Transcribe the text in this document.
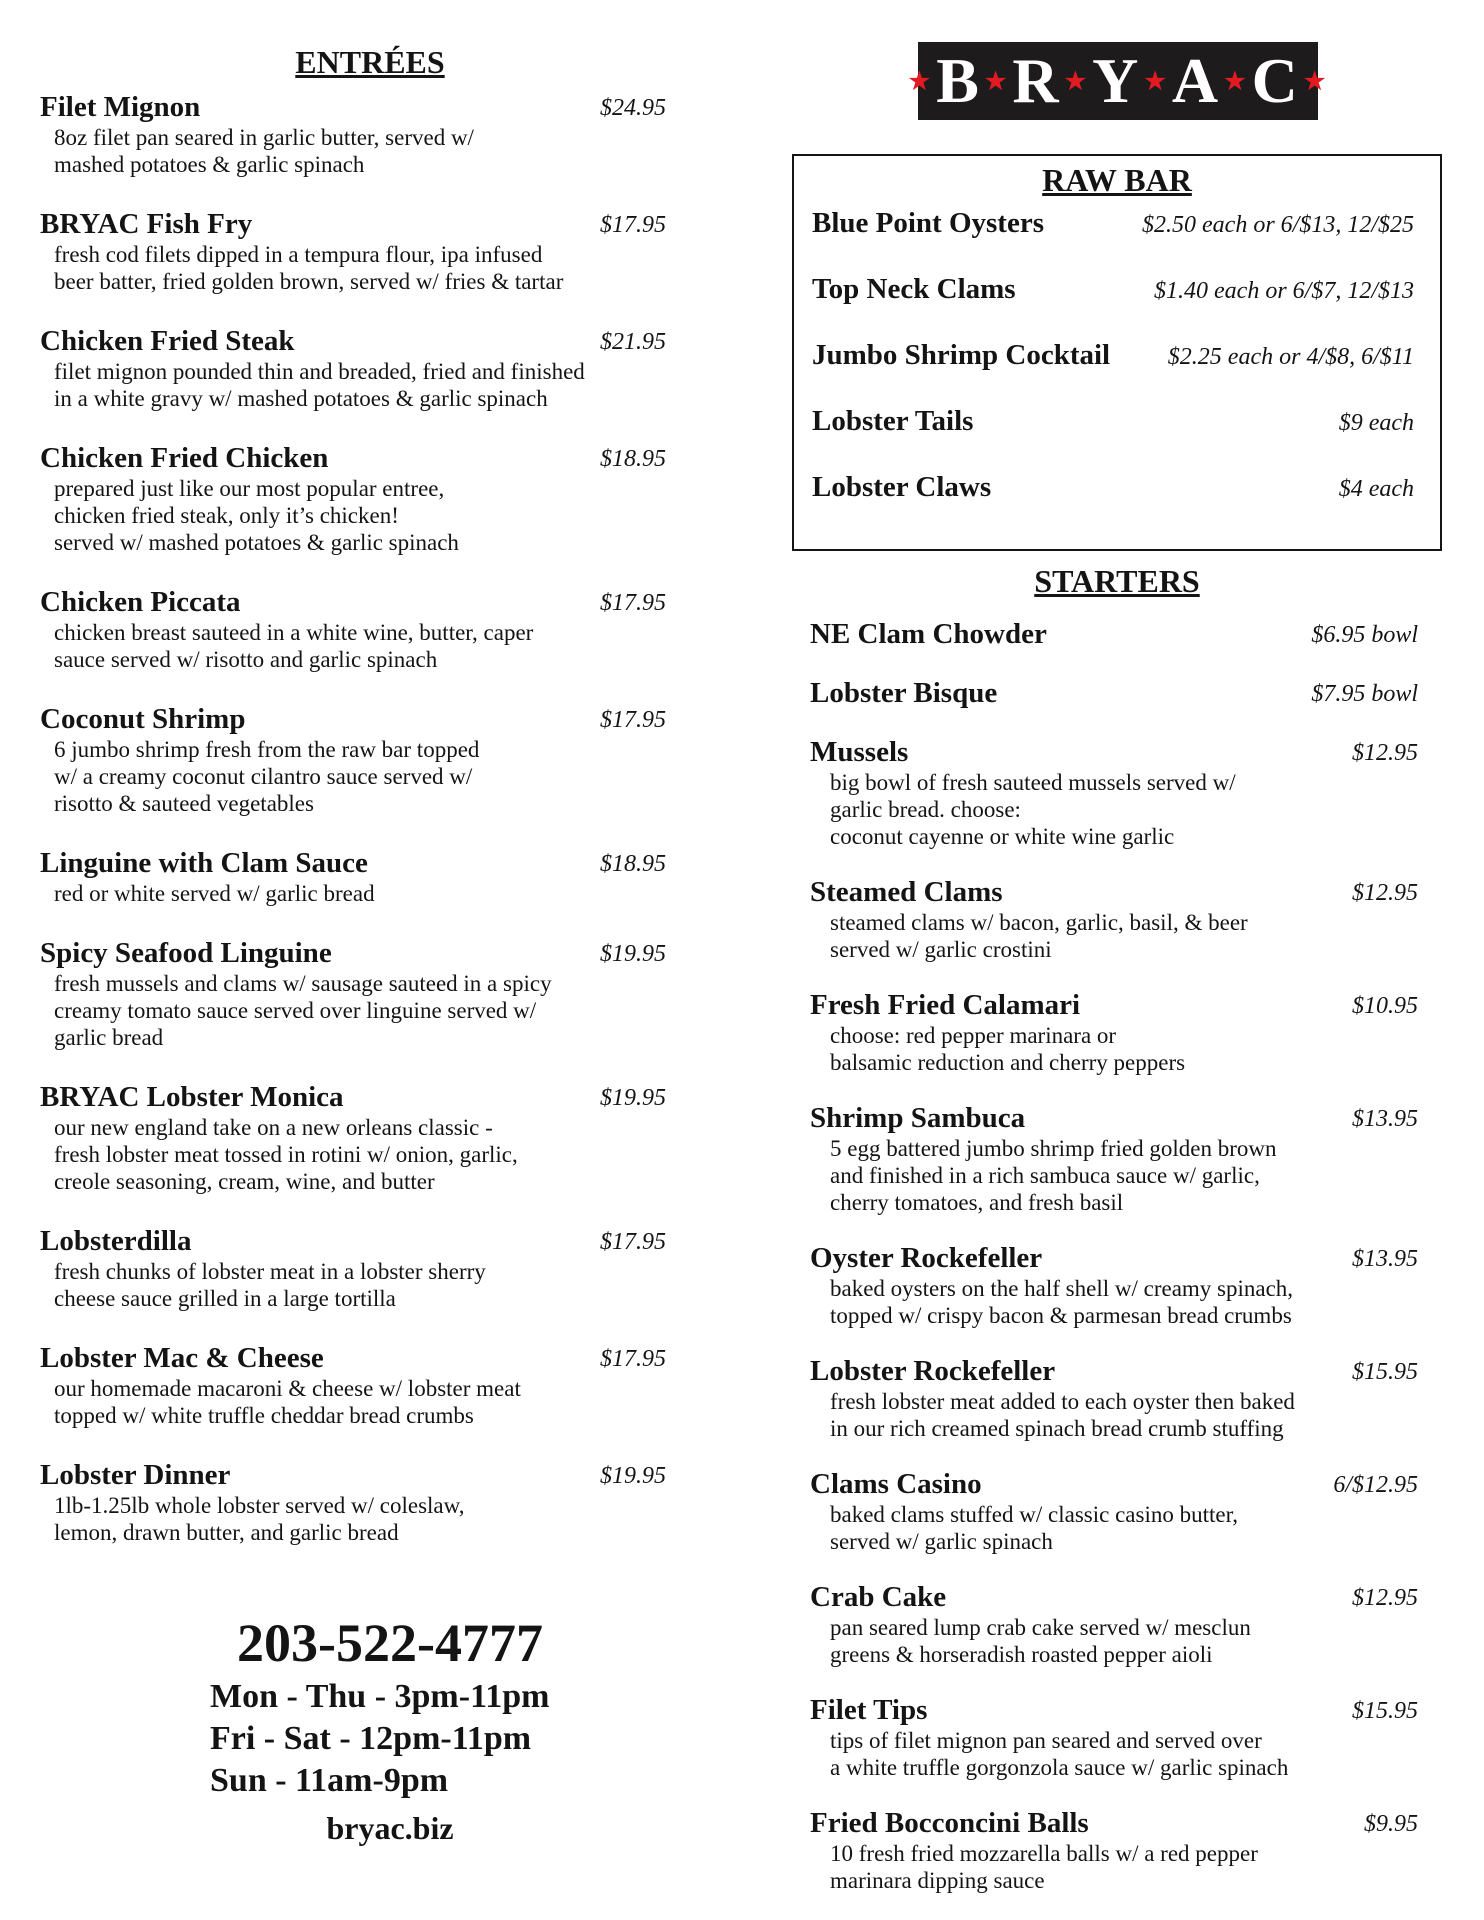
ENTRÉES
Filet Mignon	$24.95
8oz filet pan seared in garlic butter, served w/
mashed potatoes & garlic spinach
BRYAC Fish Fry	$17.95
fresh cod filets dipped in a tempura flour, ipa infused
beer batter, fried golden brown, served w/ fries & tartar
Chicken Fried Steak	$21.95
filet mignon pounded thin and breaded, fried and finished
in a white gravy w/ mashed potatoes & garlic spinach
Chicken Fried Chicken	$18.95
prepared just like our most popular entree,
chicken fried steak, only it’s chicken!
served w/ mashed potatoes & garlic spinach
Chicken Piccata	$17.95
chicken breast sauteed in a white wine, butter, caper
sauce served w/ risotto and garlic spinach
Coconut Shrimp	$17.95
6 jumbo shrimp fresh from the raw bar topped
w/ a creamy coconut cilantro sauce served w/
risotto & sauteed vegetables
Linguine with Clam Sauce	$18.95
red or white served w/ garlic bread
Spicy Seafood Linguine	$19.95
fresh mussels and clams w/ sausage sauteed in a spicy
creamy tomato sauce served over linguine served w/
garlic bread
BRYAC Lobster Monica	$19.95
our new england take on a new orleans classic -
fresh lobster meat tossed in rotini w/ onion, garlic,
creole seasoning, cream, wine, and butter
Lobsterdilla	$17.95
fresh chunks of lobster meat in a lobster sherry
cheese sauce grilled in a large tortilla
Lobster Mac & Cheese	$17.95
our homemade macaroni & cheese w/ lobster meat
topped w/ white truffle cheddar bread crumbs
Lobster Dinner	$19.95
1lb-1.25lb whole lobster served w/ coleslaw,
lemon, drawn butter, and garlic bread
★ B ★ R ★ Y ★ A ★ C ★
RAW BAR
Blue Point Oysters	$2.50 each or 6/$13, 12/$25
Top Neck Clams	$1.40 each or 6/$7, 12/$13
Jumbo Shrimp Cocktail $2.25 each or 4/$8, 6/$11
Lobster Tails	$9 each
Lobster Claws	$4 each
STARTERS
NE Clam Chowder	$6.95 bowl
Lobster Bisque	$7.95 bowl
Mussels	$12.95
big bowl of fresh sauteed mussels served w/
garlic bread. choose:
coconut cayenne or white wine garlic
Steamed Clams	$12.95
steamed clams w/ bacon, garlic, basil, & beer
served w/ garlic crostini
Fresh Fried Calamari	$10.95
choose: red pepper marinara or
balsamic reduction and cherry peppers
Shrimp Sambuca	$13.95
5 egg battered jumbo shrimp fried golden brown
and finished in a rich sambuca sauce w/ garlic,
cherry tomatoes, and fresh basil
Oyster Rockefeller	$13.95
baked oysters on the half shell w/ creamy spinach,
topped w/ crispy bacon & parmesan bread crumbs
Lobster Rockefeller	$15.95
fresh lobster meat added to each oyster then baked
in our rich creamed spinach bread crumb stuffing
Clams Casino	6/$12.95
baked clams stuffed w/ classic casino butter,
served w/ garlic spinach
Crab Cake	$12.95
pan seared lump crab cake served w/ mesclun
greens & horseradish roasted pepper aioli
Filet Tips	$15.95
tips of filet mignon pan seared and served over
a white truffle gorgonzola sauce w/ garlic spinach
Fried Bocconcini Balls	$9.95
10 fresh fried mozzarella balls w/ a red pepper
marinara dipping sauce
203-522-4777
Mon - Thu - 3pm-11pm
Fri - Sat - 12pm-11pm
Sun - 11am-9pm
bryac.biz
